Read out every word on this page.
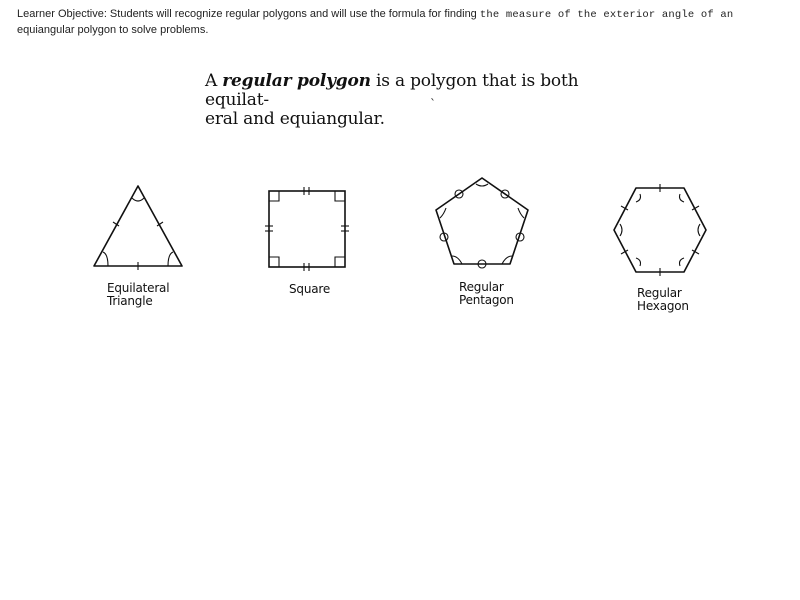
Learner Objective: Students will recognize regular polygons and will use the formula for finding the measure of the exterior angle of an
equiangular polygon to solve problems.
A regular polygon is a polygon that is both equilat-
eral and equiangular.
`
Equilateral
Triangle
Square	Regular
Pentagon	Regular
Hexagon
